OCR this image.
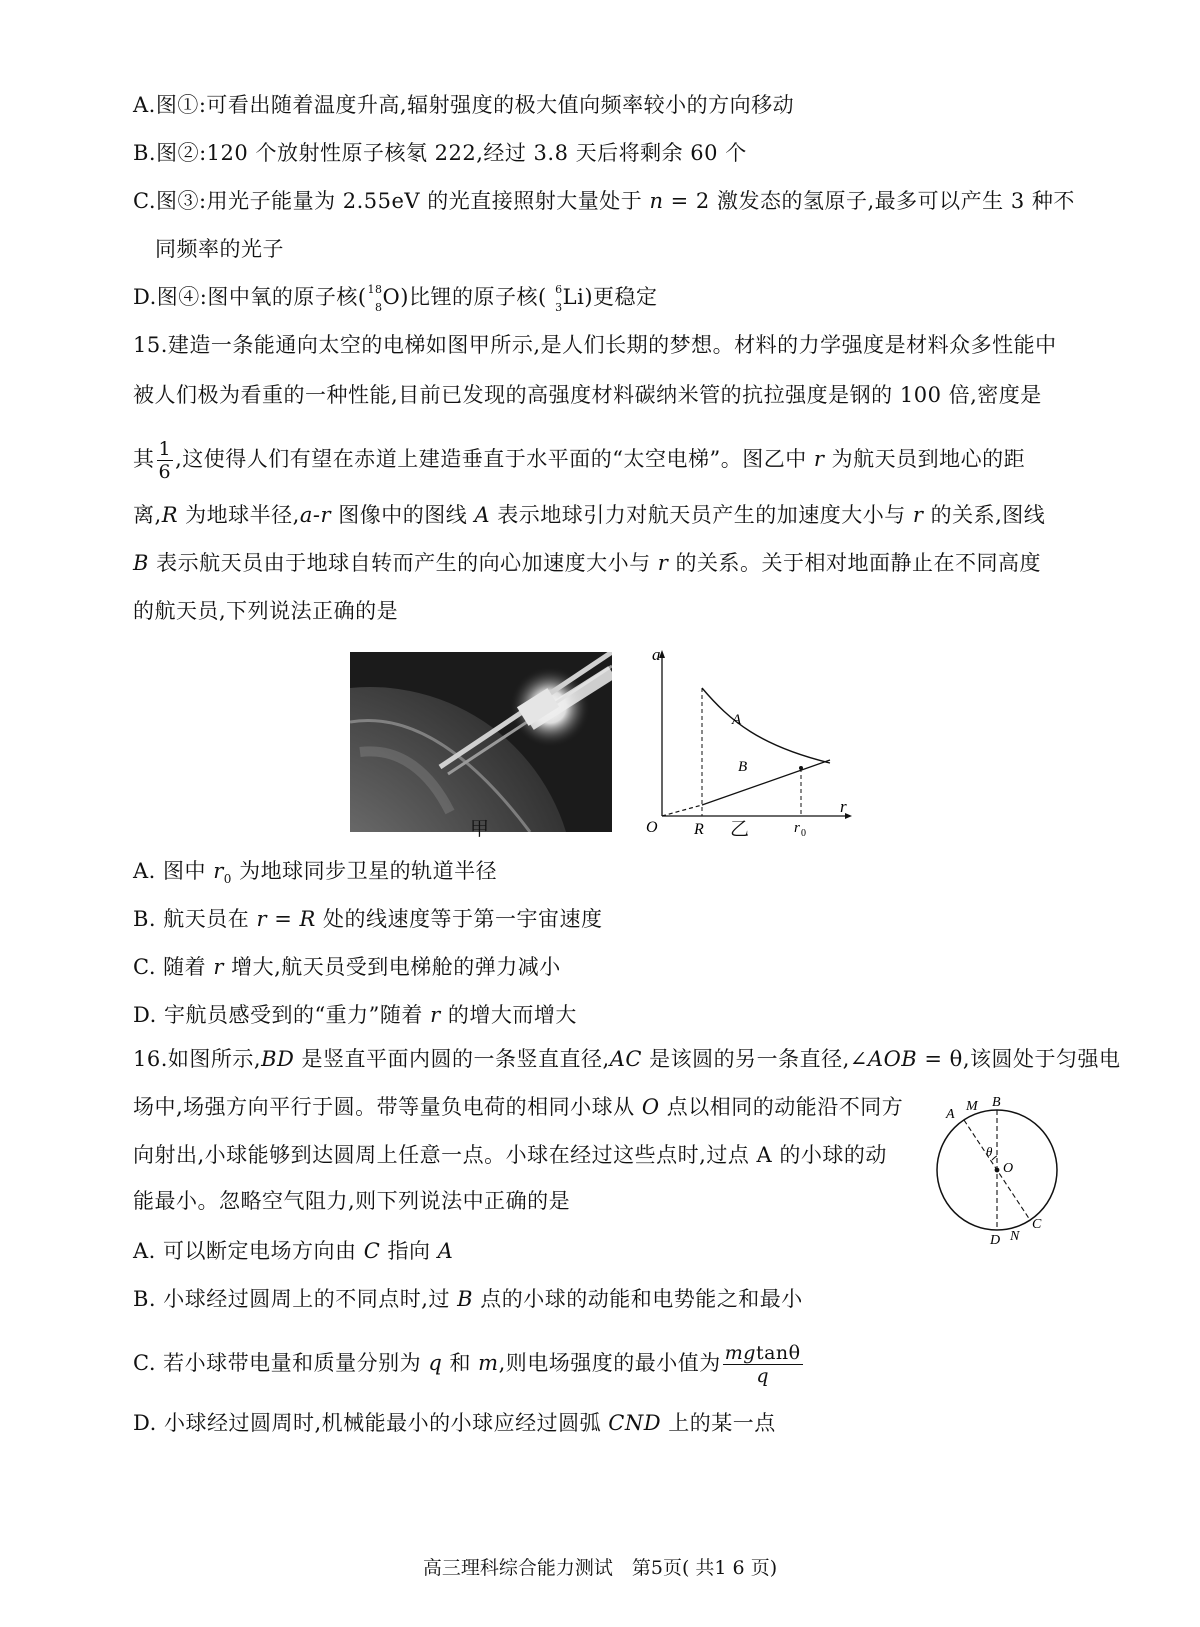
A.图①:可看出随着温度升高,辐射强度的极大值向频率较小的方向移动
B.图②:120 个放射性原子核氡 222,经过 3.8 天后将剩余 60 个
C.图③:用光子能量为 2.55eV 的光直接照射大量处于 n = 2 激发态的氢原子,最多可以产生 3 种不
同频率的光子
D.图④:图中氧的原子核( 18
8 O)比锂的原子核( 6
3 Li)更稳定
15.建造一条能通向太空的电梯如图甲所示,是人们长期的梦想。材料的力学强度是材料众多性能中
被人们极为看重的一种性能,目前已发现的高强度材料碳纳米管的抗拉强度是钢的 100 倍,密度是
其 $\frac{1}{6}$ ,这使得人们有望在赤道上建造垂直于水平面的“太空电梯”。图乙中 r 为航天员到地心的距
离,R 为地球半径,a-r 图像中的图线 A 表示地球引力对航天员产生的加速度大小与 r 的关系,图线
B 表示航天员由于地球自转而产生的向心加速度大小与 r 的关系。关于相对地面静止在不同高度
的航天员,下列说法正确的是
甲
a
r
O R	r 0
A
B
乙
A. 图中 $r_0$ 为地球同步卫星的轨道半径
B. 航天员在 r = R 处的线速度等于第一宇宙速度
C. 随着 r 增大,航天员受到电梯舱的弹力减小
D. 宇航员感受到的“重力”随着 r 的增大而增大
16.如图所示,BD 是竖直平面内圆的一条竖直直径,AC 是该圆的另一条直径,∠AOB = θ,该圆处于匀强电
场中,场强方向平行于圆。带等量负电荷的相同小球从 O 点以相同的动能沿不同方
向射出,小球能够到达圆周上任意一点。小球在经过这些点时,过点 A 的小球的动
能最小。忽略空气阻力,则下列说法中正确的是
A
M B
θ
O
C
D N
A. 可以断定电场方向由 C 指向 A
B. 小球经过圆周上的不同点时,过 B 点的小球的动能和电势能之和最小
C. 若小球带电量和质量分别为 q 和 m,则电场强度的最小值为 $\frac{mgtan\theta}{q}$
D. 小球经过圆周时,机械能最小的小球应经过圆弧 CND 上的某一点
高三理科综合能力测试　第5页( 共1 6 页)
